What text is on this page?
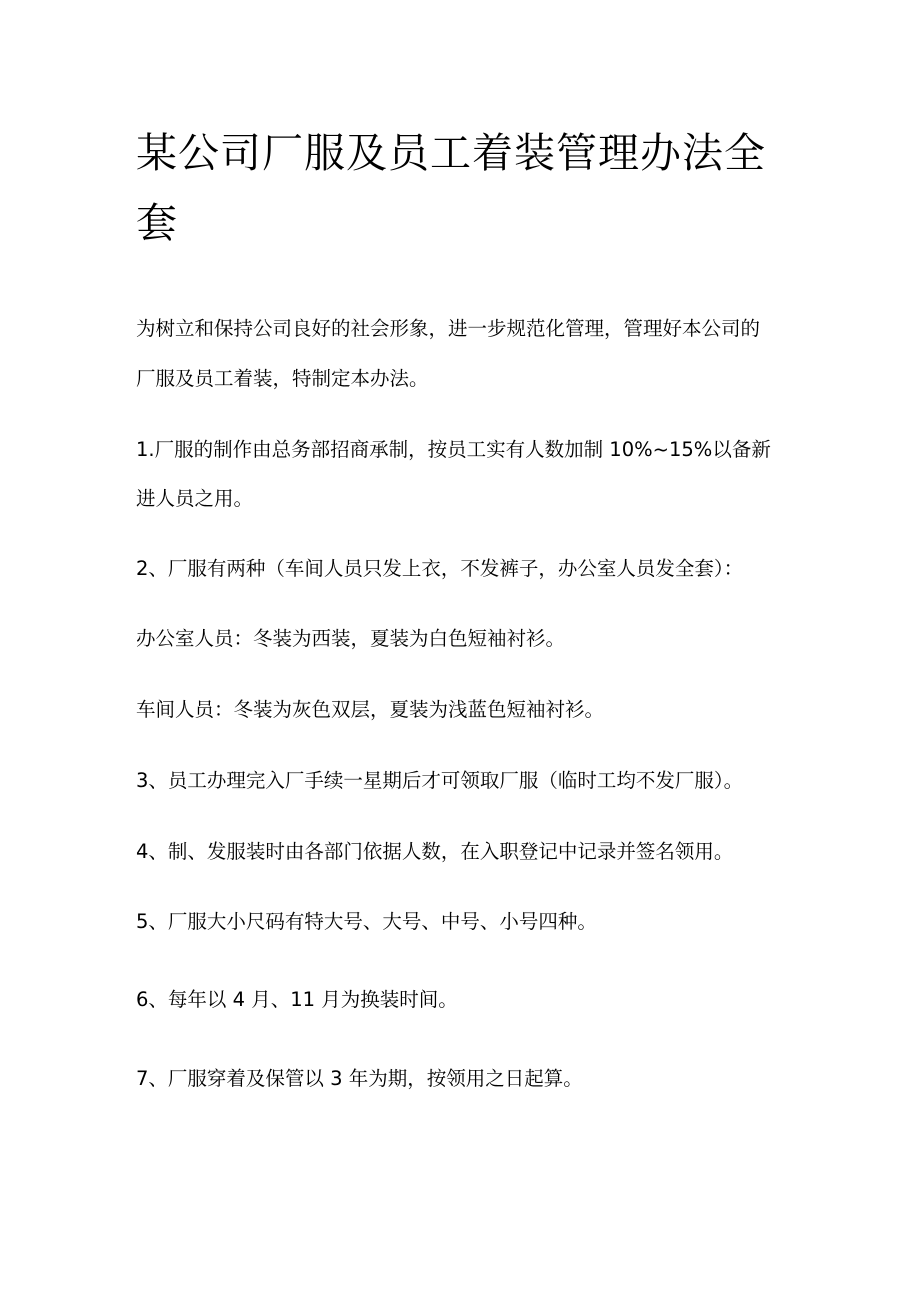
某公司厂服及员工着装管理办法全套

为树立和保持公司良好的社会形象，进一步规范化管理，管理好本公司的

厂服及员工着装，特制定本办法。

1.厂服的制作由总务部招商承制，按员工实有人数加制 10%~15%以备新

进人员之用。

2、厂服有两种（车间人员只发上衣，不发裤子，办公室人员发全套）：

办公室人员：冬装为西装，夏装为白色短袖衬衫。

车间人员：冬装为灰色双层，夏装为浅蓝色短袖衬衫。

3、员工办理完入厂手续一星期后才可领取厂服（临时工均不发厂服）。

4、制、发服装时由各部门依据人数，在入职登记中记录并签名领用。

5、厂服大小尺码有特大号、大号、中号、小号四种。

6、每年以 4 月、11 月为换装时间。

7、厂服穿着及保管以 3 年为期，按领用之日起算。
